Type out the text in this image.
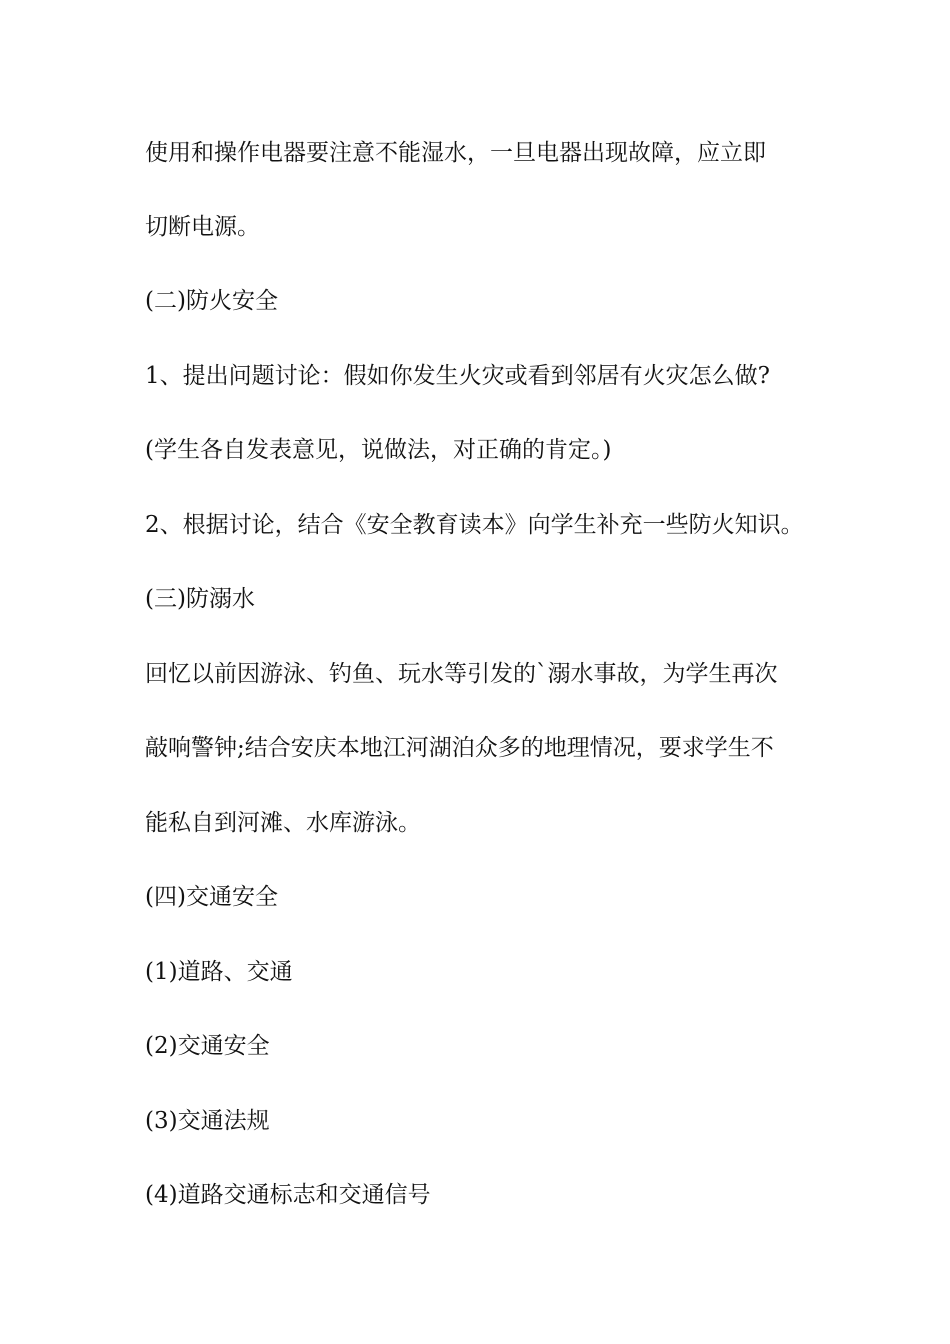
使用和操作电器要注意不能湿水，一旦电器出现故障，应立即

切断电源。

(二)防火安全

1、提出问题讨论：假如你发生火灾或看到邻居有火灾怎么做?

(学生各自发表意见，说做法，对正确的肯定。)

2、根据讨论，结合《安全教育读本》向学生补充一些防火知识。

(三)防溺水

回忆以前因游泳、钓鱼、玩水等引发的`溺水事故，为学生再次

敲响警钟;结合安庆本地江河湖泊众多的地理情况，要求学生不

能私自到河滩、水库游泳。

(四)交通安全

(1)道路、交通

(2)交通安全

(3)交通法规

(4)道路交通标志和交通信号
